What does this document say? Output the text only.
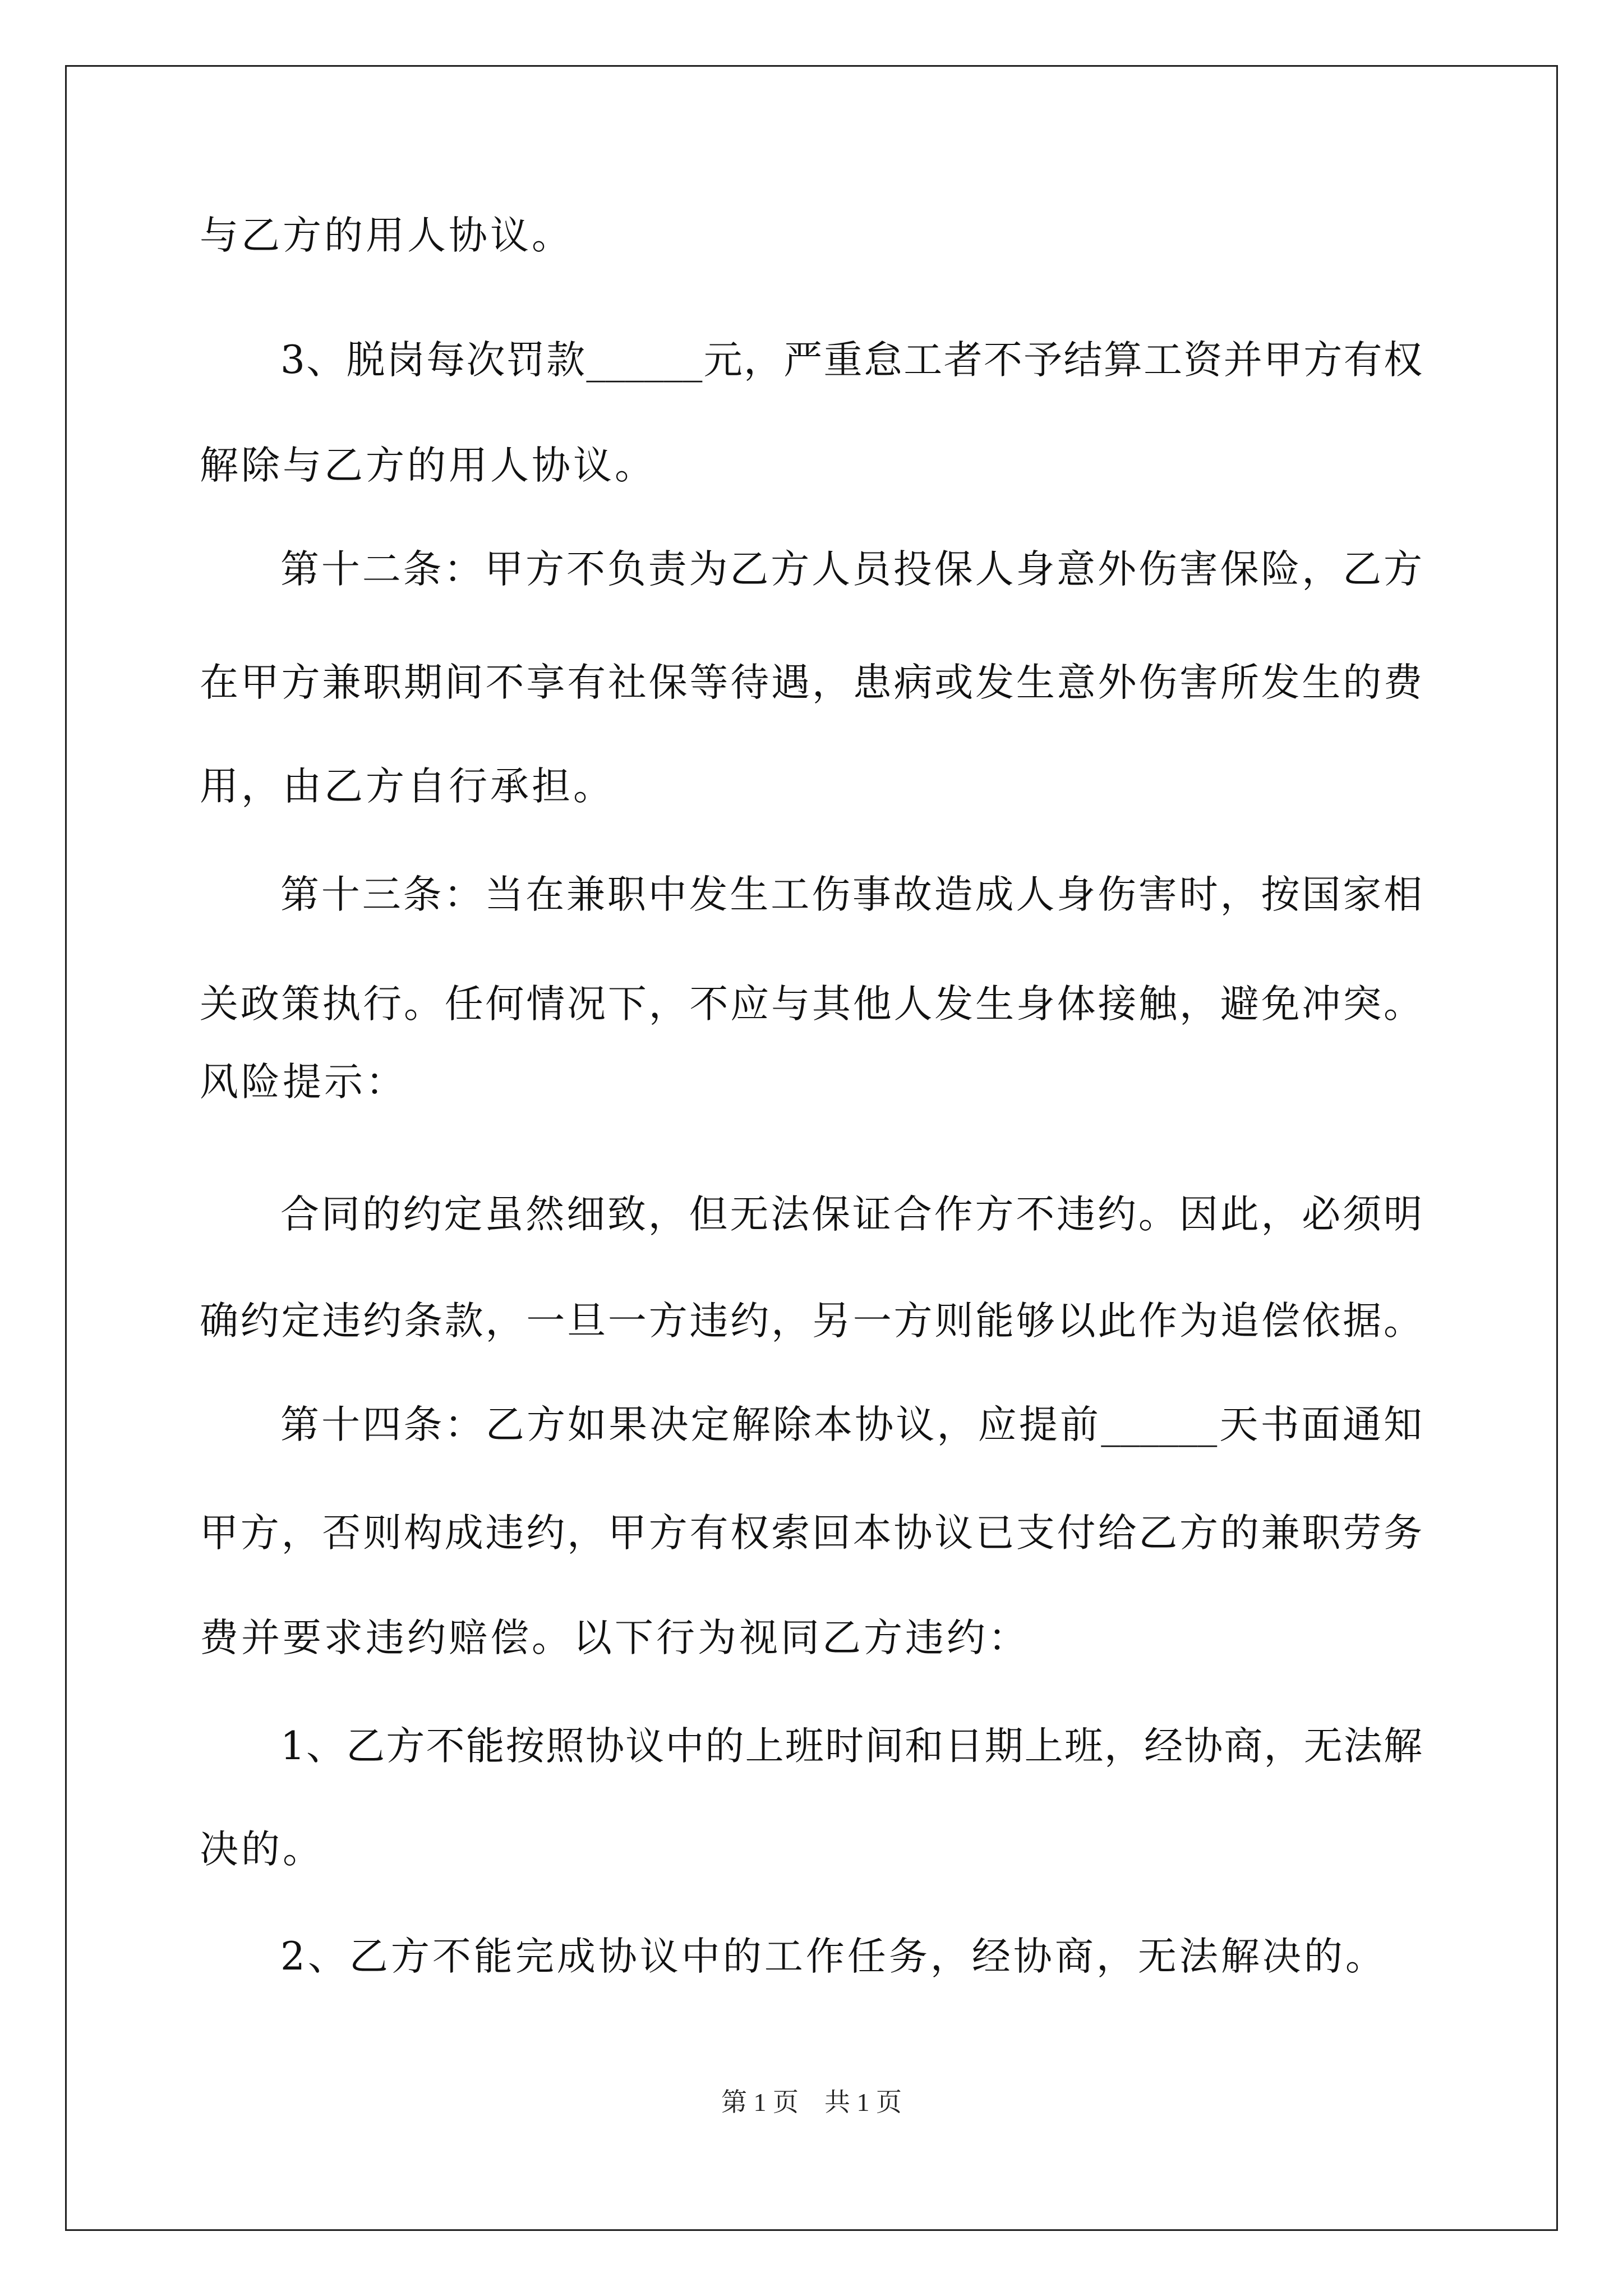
与乙方的用人协议。

3、脱岗每次罚款______元，严重怠工者不予结算工资并甲方有权

解除与乙方的用人协议。

第十二条：甲方不负责为乙方人员投保人身意外伤害保险，乙方

在甲方兼职期间不享有社保等待遇，患病或发生意外伤害所发生的费

用，由乙方自行承担。

第十三条：当在兼职中发生工伤事故造成人身伤害时，按国家相

关政策执行。任何情况下，不应与其他人发生身体接触，避免冲突。

风险提示：

合同的约定虽然细致，但无法保证合作方不违约。因此，必须明

确约定违约条款，一旦一方违约，另一方则能够以此作为追偿依据。

第十四条：乙方如果决定解除本协议，应提前______天书面通知

甲方，否则构成违约，甲方有权索回本协议已支付给乙方的兼职劳务

费并要求违约赔偿。以下行为视同乙方违约：

1、乙方不能按照协议中的上班时间和日期上班，经协商，无法解

决的。

2、乙方不能完成协议中的工作任务，经协商，无法解决的。

第 1 页    共 1 页
